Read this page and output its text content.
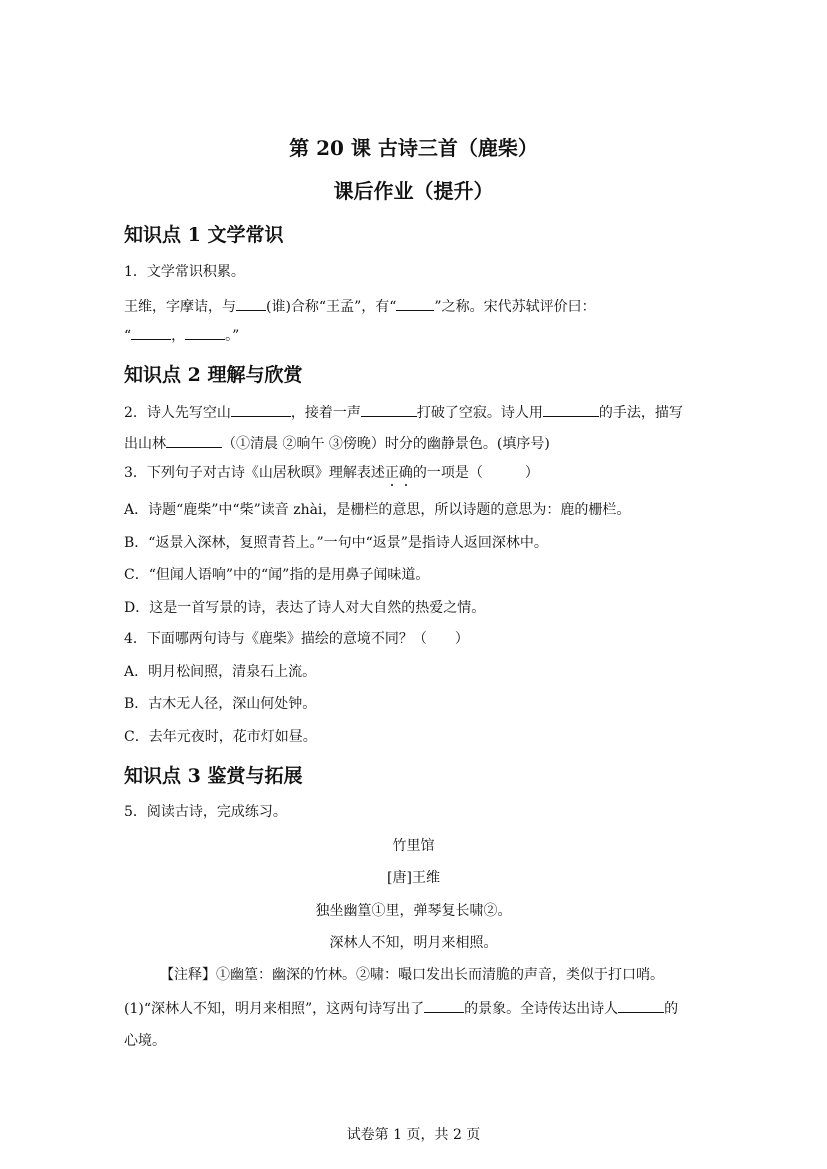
第 20 课 古诗三首（鹿柴）
课后作业（提升）
知识点 1 文学常识
1．文学常识积累。
王维，字摩诘，与 (谁)合称“王孟”，有“	”之称。宋代苏轼评价曰：
“	，	。”
知识点 2 理解与欣赏
2．诗人先写空山	，接着一声	打破了空寂。诗人用	的手法，描写
出山林	（①清晨 ②晌午 ③傍晚）时分的幽静景色。(填序号)
3．下列句子对古诗《山居秋暝》理解表述正确的一项是（　　　）
A．诗题“鹿柴”中“柴”读音 zhài，是栅栏的意思，所以诗题的意思为：鹿的栅栏。
B．“返景入深林，复照青苔上。”一句中“返景”是指诗人返回深林中。
C．“但闻人语响”中的“闻”指的是用鼻子闻味道。
D．这是一首写景的诗，表达了诗人对大自然的热爱之情。
4．下面哪两句诗与《鹿柴》描绘的意境不同？（　　）
A．明月松间照，清泉石上流。
B．古木无人径，深山何处钟。
C．去年元夜时，花市灯如昼。
知识点 3 鉴赏与拓展
5．阅读古诗，完成练习。
竹里馆
[唐]王维
独坐幽篁①里，弹琴复长啸②。
深林人不知，明月来相照。
【注释】①幽篁：幽深的竹林。②啸：嘬口发出长而清脆的声音，类似于打口哨。
(1)“深林人不知，明月来相照”，这两句诗写出了	的景象。全诗传达出诗人	的
心境。
试卷第 1 页，共 2 页
